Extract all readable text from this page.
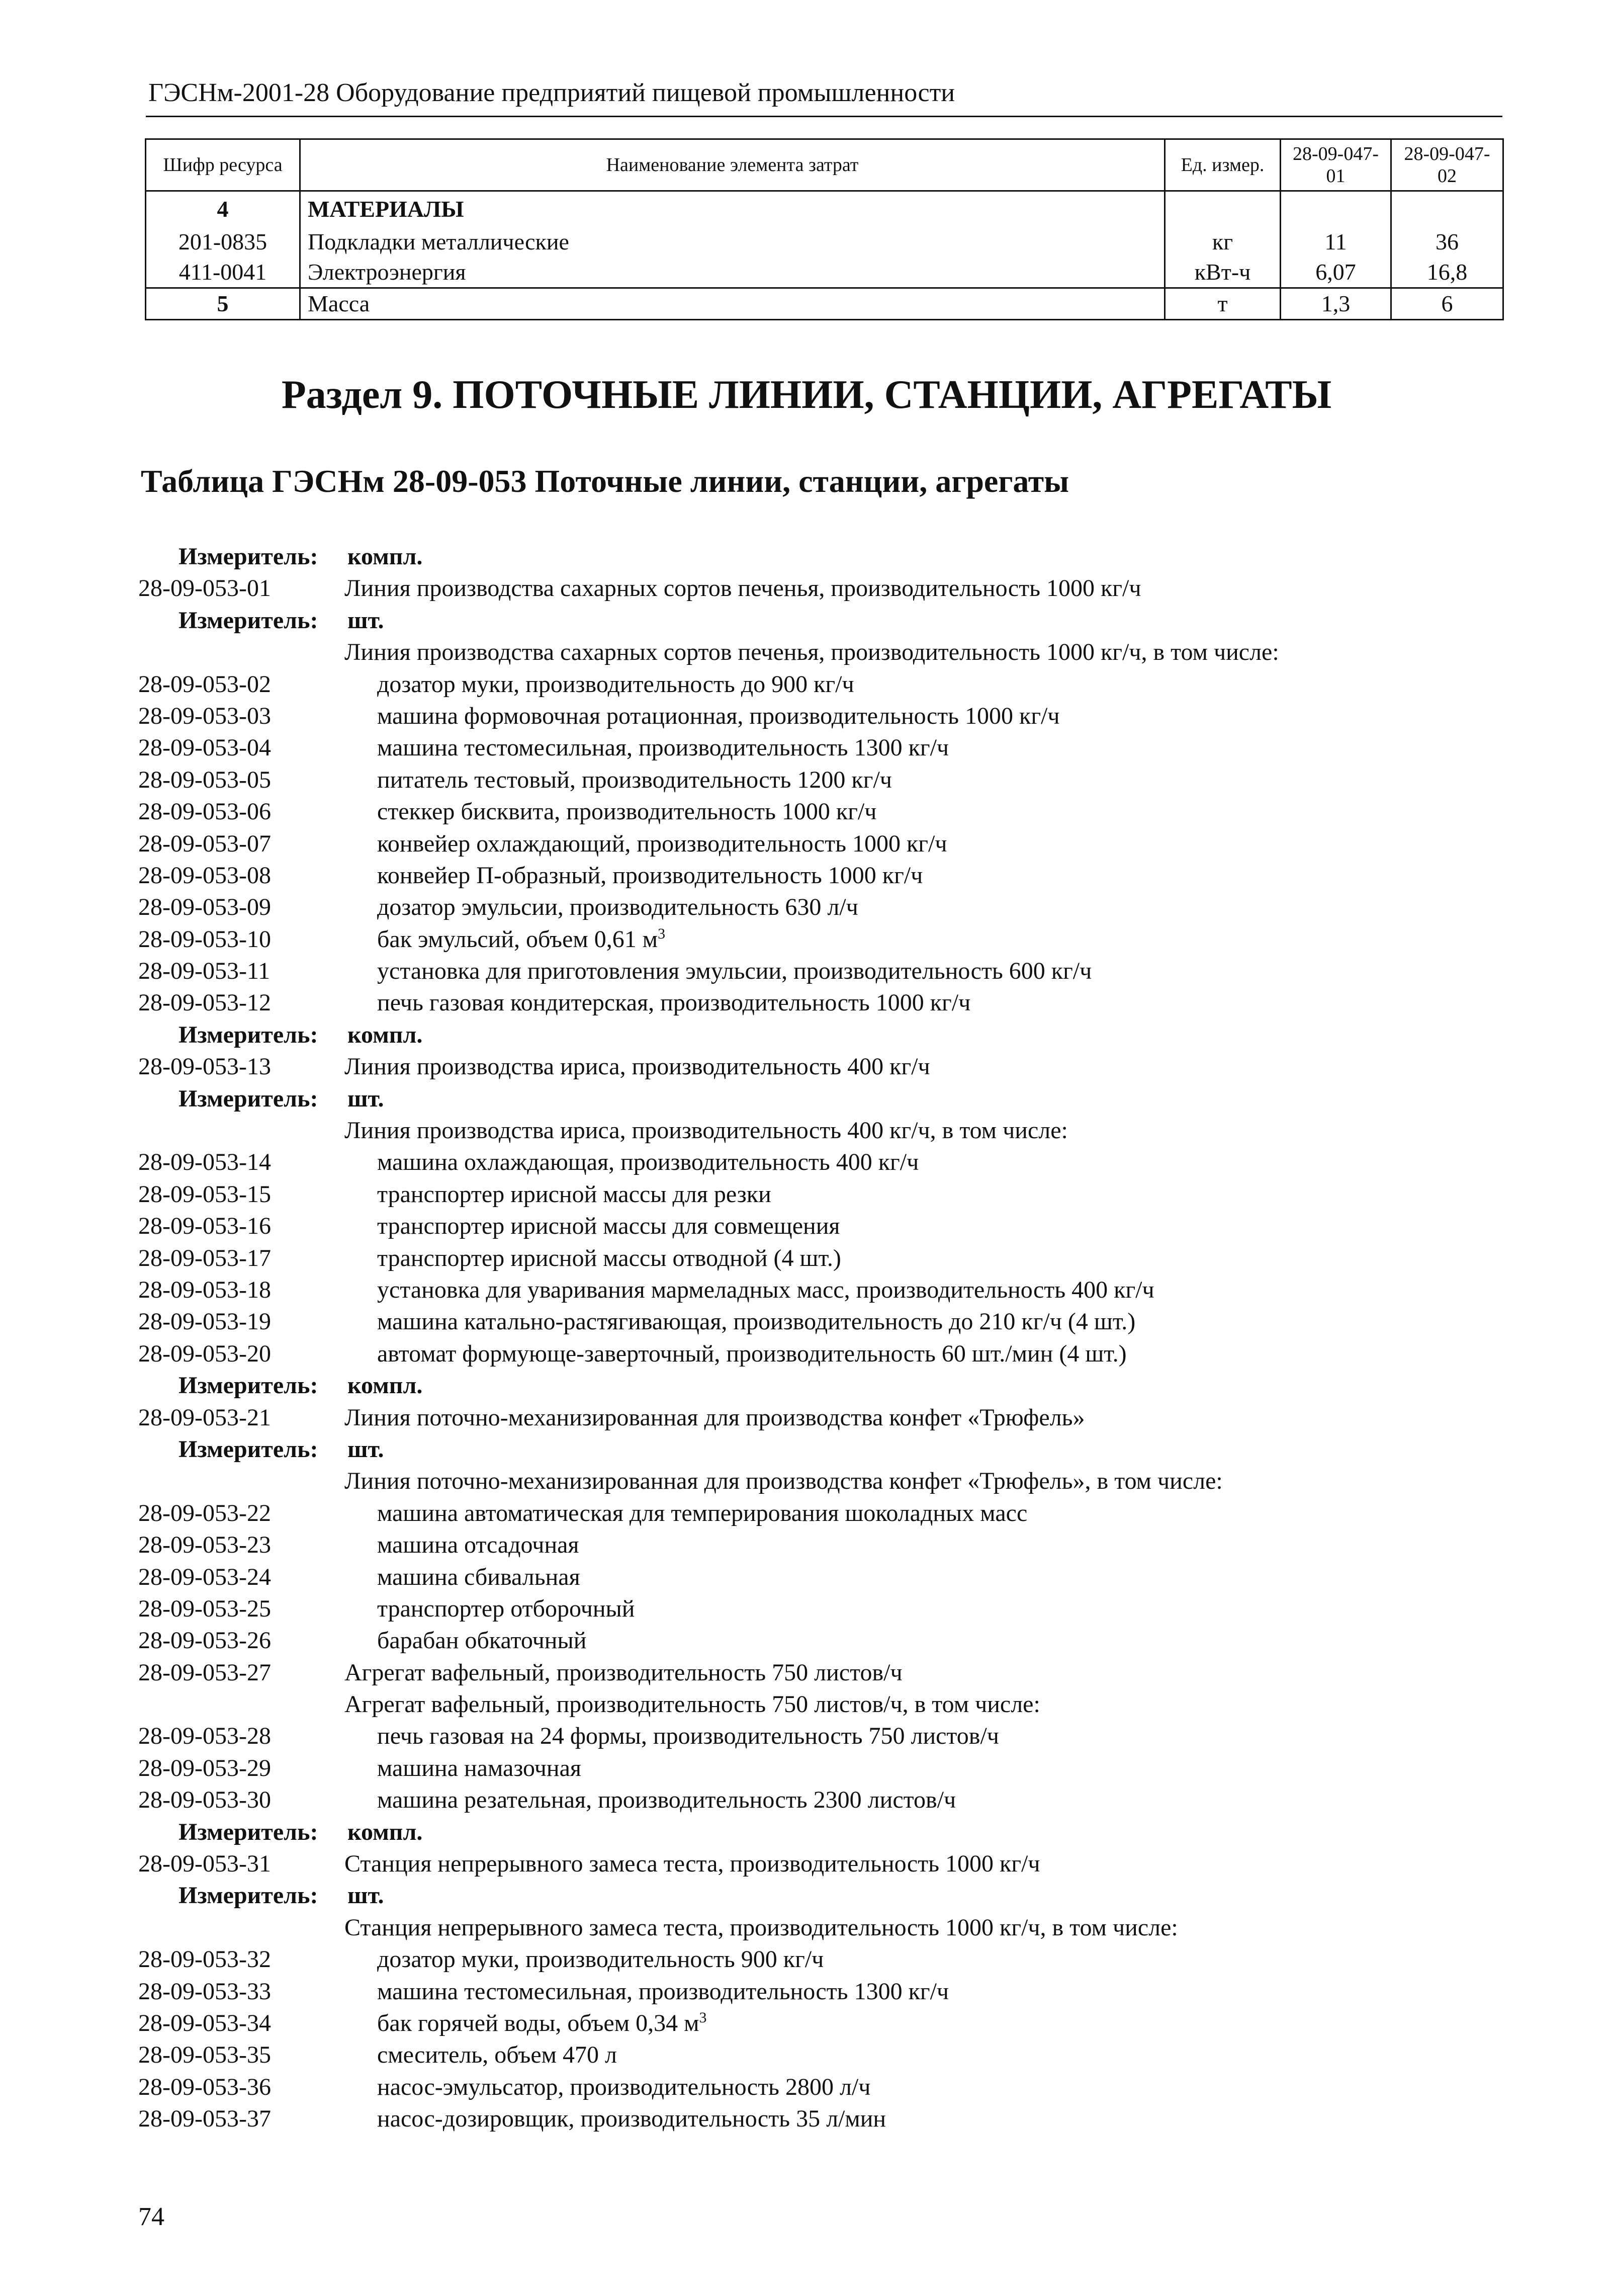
ГЭСНм-2001-28 Оборудование предприятий пищевой промышленности
Шифр ресурса	Наименование элемента затрат	Ед. измер.	28-09-047-01	28-09-047-02
4	МАТЕРИАЛЫ			
201-0835	Подкладки металлические	кг	11	36
411-0041	Электроэнергия	кВт-ч	6,07	16,8
5	Масса	т	1,3	6
Раздел 9. ПОТОЧНЫЕ ЛИНИИ, СТАНЦИИ, АГРЕГАТЫ
Таблица ГЭСНм 28-09-053 Поточные линии, станции, агрегаты
Измеритель: компл.
28-09-053-01	Линия производства сахарных сортов печенья, производительность 1000 кг/ч
Измеритель: шт.
Линия производства сахарных сортов печенья, производительность 1000 кг/ч, в том числе:
28-09-053-02	дозатор муки, производительность до 900 кг/ч
28-09-053-03	машина формовочная ротационная, производительность 1000 кг/ч
28-09-053-04	машина тестомесильная, производительность 1300 кг/ч
28-09-053-05	питатель тестовый, производительность 1200 кг/ч
28-09-053-06	стеккер бисквита, производительность 1000 кг/ч
28-09-053-07	конвейер охлаждающий, производительность 1000 кг/ч
28-09-053-08	конвейер П-образный, производительность 1000 кг/ч
28-09-053-09	дозатор эмульсии, производительность 630 л/ч
28-09-053-10	бак эмульсий, объем 0,61 $м^3$
28-09-053-11	установка для приготовления эмульсии, производительность 600 кг/ч
28-09-053-12	печь газовая кондитерская, производительность 1000 кг/ч
Измеритель: компл.
28-09-053-13	Линия производства ириса, производительность 400 кг/ч
Измеритель: шт.
Линия производства ириса, производительность 400 кг/ч, в том числе:
28-09-053-14	машина охлаждающая, производительность 400 кг/ч
28-09-053-15	транспортер ирисной массы для резки
28-09-053-16	транспортер ирисной массы для совмещения
28-09-053-17	транспортер ирисной массы отводной (4 шт.)
28-09-053-18	установка для уваривания мармеладных масс, производительность 400 кг/ч
28-09-053-19	машина катально-растягивающая, производительность до 210 кг/ч (4 шт.)
28-09-053-20	автомат формующе-заверточный, производительность 60 шт./мин (4 шт.)
Измеритель: компл.
28-09-053-21	Линия поточно-механизированная для производства конфет «Трюфель»
Измеритель: шт.
Линия поточно-механизированная для производства конфет «Трюфель», в том числе:
28-09-053-22	машина автоматическая для темперирования шоколадных масс
28-09-053-23	машина отсадочная
28-09-053-24	машина сбивальная
28-09-053-25	транспортер отборочный
28-09-053-26	барабан обкаточный
28-09-053-27	Агрегат вафельный, производительность 750 листов/ч
Агрегат вафельный, производительность 750 листов/ч, в том числе:
28-09-053-28	печь газовая на 24 формы, производительность 750 листов/ч
28-09-053-29	машина намазочная
28-09-053-30	машина резательная, производительность 2300 листов/ч
Измеритель: компл.
28-09-053-31	Станция непрерывного замеса теста, производительность 1000 кг/ч
Измеритель: шт.
Станция непрерывного замеса теста, производительность 1000 кг/ч, в том числе:
28-09-053-32	дозатор муки, производительность 900 кг/ч
28-09-053-33	машина тестомесильная, производительность 1300 кг/ч
28-09-053-34	бак горячей воды, объем 0,34 $м^3$
28-09-053-35	смеситель, объем 470 л
28-09-053-36	насос-эмульсатор, производительность 2800 л/ч
28-09-053-37	насос-дозировщик, производительность 35 л/мин
74
